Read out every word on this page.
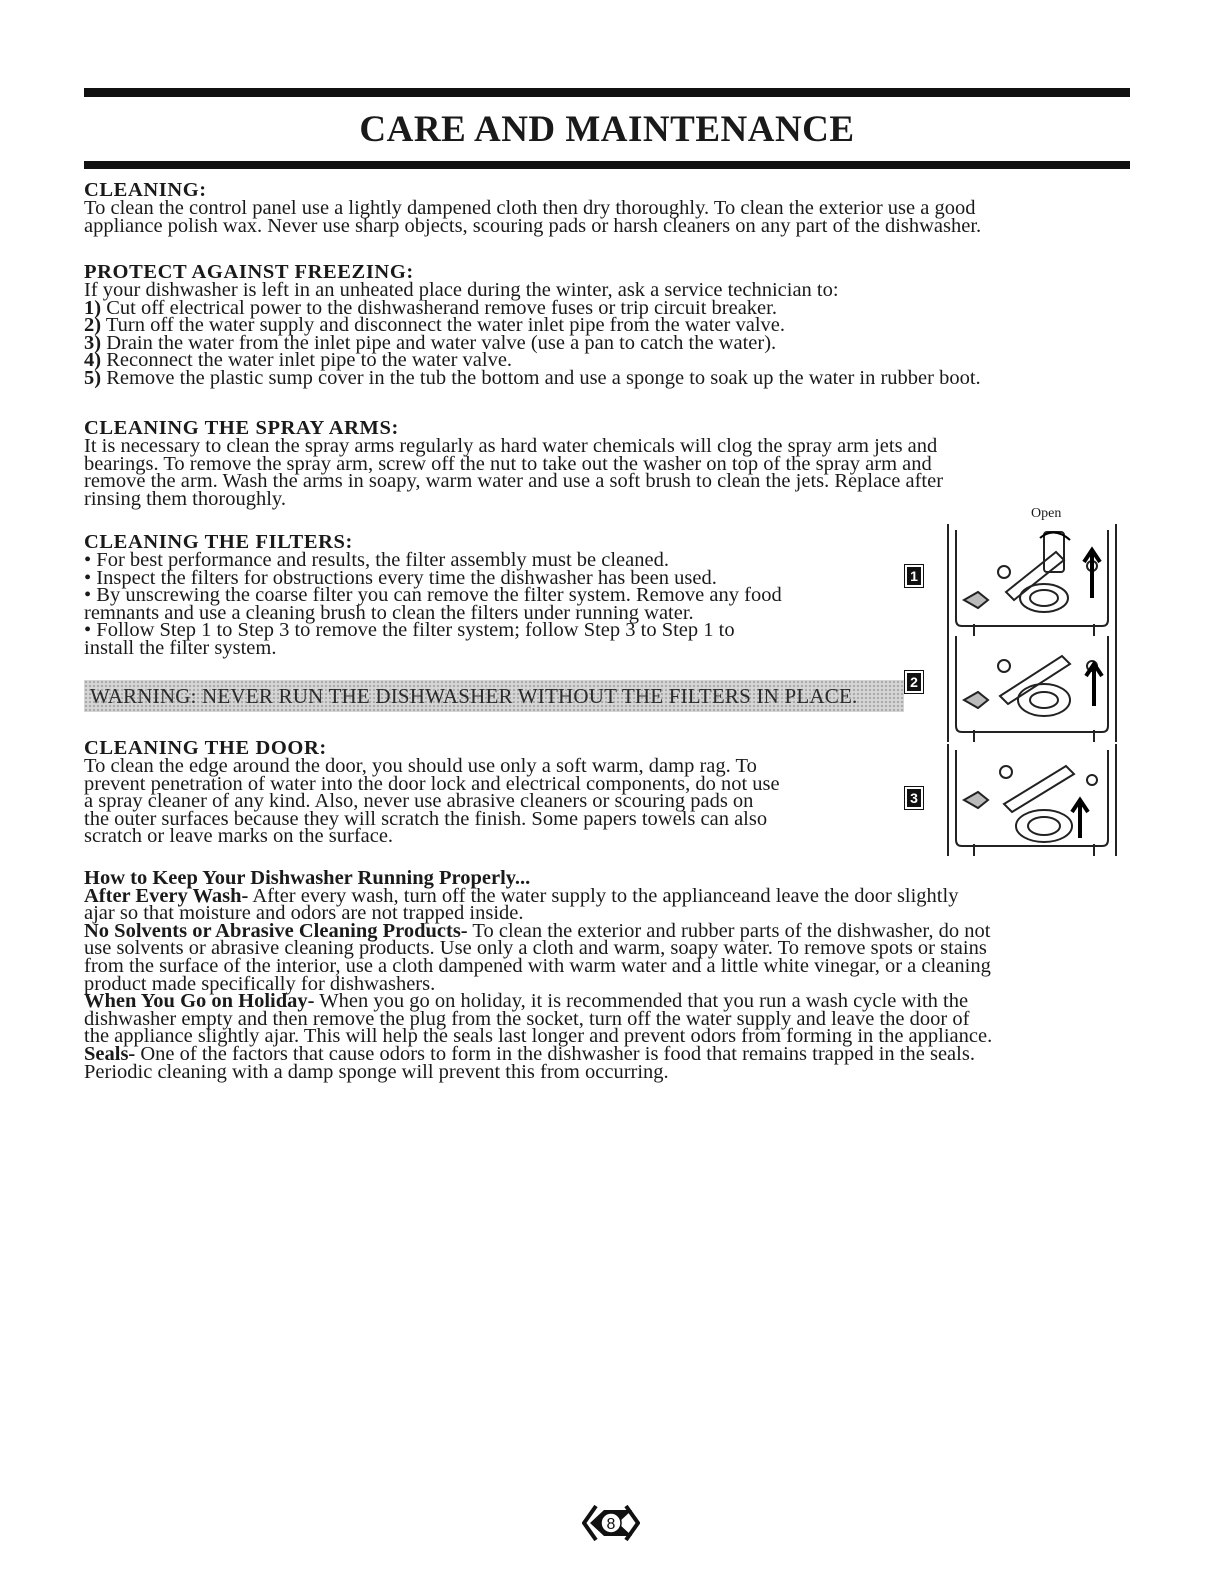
CARE AND MAINTENANCE
CLEANING:

To clean the control panel use a lightly dampened cloth then dry thoroughly. To clean the exterior use a good

appliance polish wax. Never use sharp objects, scouring pads or harsh cleaners on any part of the dishwasher.

PROTECT AGAINST FREEZING:

If your dishwasher is left in an unheated place during the winter, ask a service technician to:

1) Cut off electrical power to the dishwasherand remove fuses or trip circuit breaker.

2) Turn off the water supply and disconnect the water inlet pipe from the water valve.

3) Drain the water from the inlet pipe and water valve (use a pan to catch the water).

4) Reconnect the water inlet pipe to the water valve.

5) Remove the plastic sump cover in the tub the bottom and use a sponge to soak up the water in rubber boot.

CLEANING THE SPRAY ARMS:

It is necessary to clean the spray arms regularly as hard water chemicals will clog the spray arm jets and

bearings. To remove the spray arm, screw off the nut to take out the washer on top of the spray arm and

remove the arm. Wash the arms in soapy, warm water and use a soft brush to clean the jets. Replace after

rinsing them thoroughly.

CLEANING THE FILTERS:

• For best performance and results, the filter assembly must be cleaned.

• Inspect the filters for obstructions every time the dishwasher has been used.

• By unscrewing the coarse filter you can remove the filter system. Remove any food

remnants and use a cleaning brush to clean the filters under running water.

• Follow Step 1 to Step 3 to remove the filter system; follow Step 3 to Step 1 to

install the filter system.

WARNING: NEVER RUN THE DISHWASHER WITHOUT THE FILTERS IN PLACE.
CLEANING THE DOOR:

To clean the edge around the door, you should use only a soft warm, damp rag. To

prevent penetration of water into the door lock and electrical components, do not use

a spray cleaner of any kind. Also, never use abrasive cleaners or scouring pads on

the outer surfaces because they will scratch the finish. Some papers towels can also

scratch or leave marks on the surface.

How to Keep Your Dishwasher Running Properly...

After Every Wash- After every wash, turn off the water supply to the applianceand leave the door slightly

ajar so that moisture and odors are not trapped inside.

No Solvents or Abrasive Cleaning Products- To clean the exterior and rubber parts of the dishwasher, do not

use solvents or abrasive cleaning products. Use only a cloth and warm, soapy water. To remove spots or stains

from the surface of the interior, use a cloth dampened with warm water and a little white vinegar, or a cleaning

product made specifically for dishwashers.

When You Go on Holiday- When you go on holiday, it is recommended that you run a wash cycle with the

dishwasher empty and then remove the plug from the socket, turn off the water supply and leave the door of

the appliance slightly ajar. This will help the seals last longer and prevent odors from forming in the appliance.

Seals- One of the factors that cause odors to form in the dishwasher is food that remains trapped in the seals.

Periodic cleaning with a damp sponge will prevent this from occurring.

1
2
3
Open
8
